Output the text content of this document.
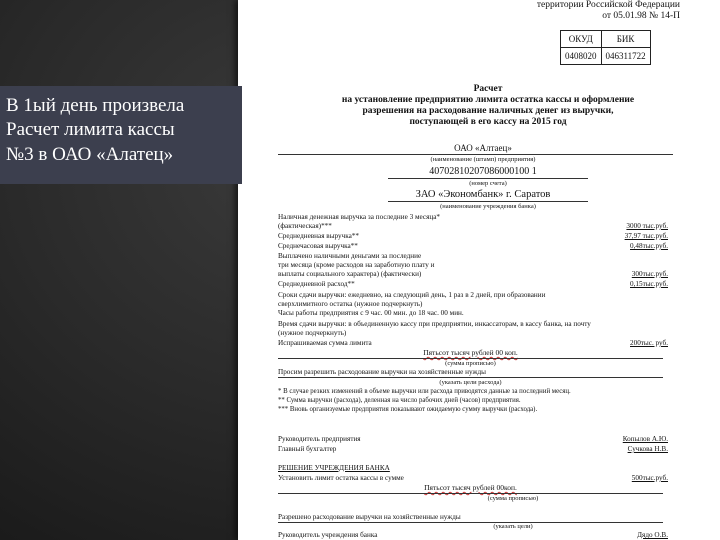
территории Российской Федерации
от 05.01.98 № 14-П
ОКУД	БИК
0408020	046311722
Расчет
на установление предприятию лимита остатка кассы и оформление
разрешения на расходование наличных денег из выручки,
поступающей в его кассу на 2015 год
ОАО «Алтаец»
(наименование (штамп) предприятия)
40702810207086000100 1
(номер счета)
ЗАО «Экономбанк» г. Саратов
(наименование учреждения банка)
Наличная денежная выручка за последние 3 месяца*
(фактическая)***	3000 тыс.руб.
Среднедневная выручка**	37,97 тыс.руб.
Среднечасовая выручка**	0,48тыс.руб.
Выплачено наличными деньгами за последние
три месяца (кроме расходов на заработную плату и
выплаты социального характера) (фактически)	300тыс.руб.
Среднедневной расход**	0,15тыс.руб.
Сроки сдачи выручки: ежедневно, на следующий день, 1 раз в 2 дней, при образовании
сверхлимитного остатка (нужное подчеркнуть)
Часы работы предприятия с 9 час. 00 мин. до 18 час. 00 мин.
Время сдачи выручки: в объединенную кассу при предприятии, инкассаторам, в кассу банка, на почту
(нужное подчеркнуть)
Испрашиваемая сумма лимита	200тыс. руб.
Пятьсот тысяч рублей 00 коп.
(сумма прописью)
Просим разрешить расходование выручки на хозяйственные нужды
(указать цели расхода)
* В случае резких изменений в объеме выручки или расхода приводятся данные за последний месяц.
** Сумма выручки (расхода), деленная на число рабочих дней (часов) предприятия.
*** Вновь организуемые предприятия показывают ожидаемую сумму выручки (расхода).
Руководитель предприятия	Копылов А.Ю.
Главный бухгалтер	Сучкова Н.В.
РЕШЕНИЕ УЧРЕЖДЕНИЯ БАНКА
Установить лимит остатка кассы в сумме	500тыс.руб.
Пятьсот тысяч рублей 00коп.
(сумма прописью)
Разрешено расходование выручки на хозяйственные нужды
(указать цели)
Руководитель учреждения банка	Дядо О.В.
В 1ый день произвела
Расчет лимита кассы
№3 в ОАО «Алатец»
